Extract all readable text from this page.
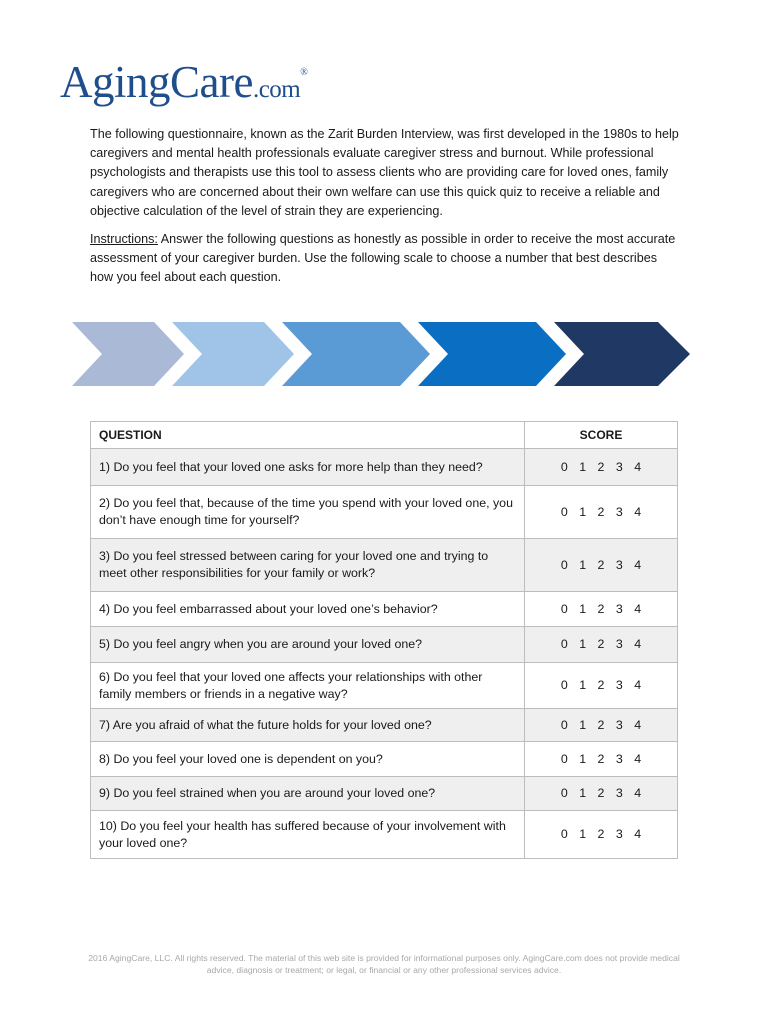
AgingCare.com®

The following questionnaire, known as the Zarit Burden Interview, was first developed in the 1980s to help caregivers and mental health professionals evaluate caregiver stress and burnout. While professional psychologists and therapists use this tool to assess clients who are providing care for loved ones, family caregivers who are concerned about their own welfare can use this quick quiz to receive a reliable and objective calculation of the level of strain they are experiencing.

Instructions: Answer the following questions as honestly as possible in order to receive the most accurate assessment of your caregiver burden. Use the following scale to choose a number that best describes how you feel about each question.

QUESTION	SCORE
1) Do you feel that your loved one asks for more help than they need?	0 1 2 3 4
2) Do you feel that, because of the time you spend with your loved one, you don’t have enough time for yourself?	0 1 2 3 4
3) Do you feel stressed between caring for your loved one and trying to meet other responsibilities for your family or work?	0 1 2 3 4
4) Do you feel embarrassed about your loved one’s behavior?	0 1 2 3 4
5) Do you feel angry when you are around your loved one?	0 1 2 3 4
6) Do you feel that your loved one affects your relationships with other family members or friends in a negative way?	0 1 2 3 4
7) Are you afraid of what the future holds for your loved one?	0 1 2 3 4
8) Do you feel your loved one is dependent on you?	0 1 2 3 4
9) Do you feel strained when you are around your loved one?	0 1 2 3 4
10) Do you feel your health has suffered because of your involvement with your loved one?	0 1 2 3 4
2016 AgingCare, LLC. All rights reserved. The material of this web site is provided for informational purposes only. AgingCare.com does not provide medical advice, diagnosis or treatment; or legal, or financial or any other professional services advice.
